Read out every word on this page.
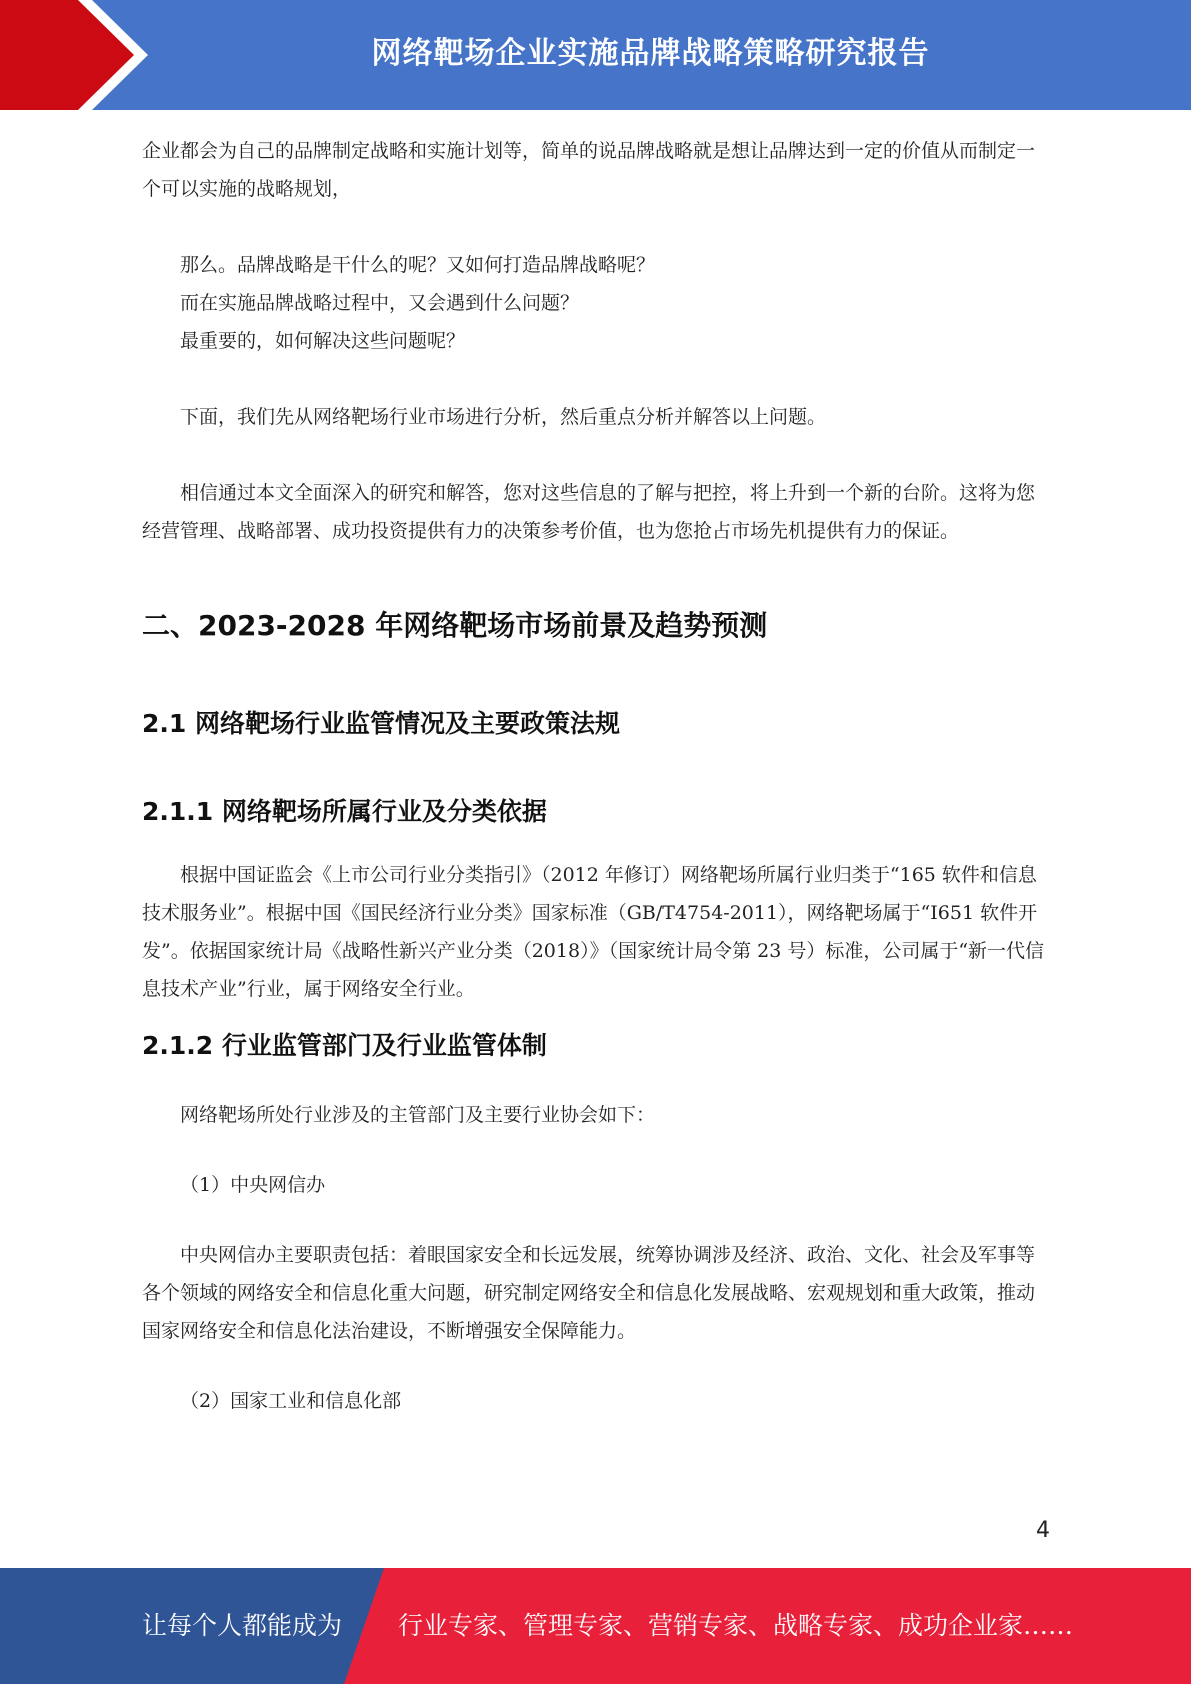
网络靶场企业实施品牌战略策略研究报告

企业都会为自己的品牌制定战略和实施计划等，简单的说品牌战略就是想让品牌达到一定的价值从而制定一个可以实施的战略规划，

那么。品牌战略是干什么的呢？又如何打造品牌战略呢？

而在实施品牌战略过程中，又会遇到什么问题？

最重要的，如何解决这些问题呢？

下面，我们先从网络靶场行业市场进行分析，然后重点分析并解答以上问题。

相信通过本文全面深入的研究和解答，您对这些信息的了解与把控，将上升到一个新的台阶。这将为您经营管理、战略部署、成功投资提供有力的决策参考价值，也为您抢占市场先机提供有力的保证。

二、2023-2028 年网络靶场市场前景及趋势预测
2.1 网络靶场行业监管情况及主要政策法规
2.1.1 网络靶场所属行业及分类依据

根据中国证监会《上市公司行业分类指引》（2012 年修订）网络靶场所属行业归类于“165 软件和信息技术服务业”。根据中国《国民经济行业分类》国家标准（GB/T4754-2011），网络靶场属于“I651 软件开发”。依据国家统计局《战略性新兴产业分类（2018）》（国家统计局令第 23 号）标准，公司属于“新一代信息技术产业”行业，属于网络安全行业。

2.1.2 行业监管部门及行业监管体制

网络靶场所处行业涉及的主管部门及主要行业协会如下：

（1）中央网信办

中央网信办主要职责包括：着眼国家安全和长远发展，统筹协调涉及经济、政治、文化、社会及军事等各个领域的网络安全和信息化重大问题，研究制定网络安全和信息化发展战略、宏观规划和重大政策，推动国家网络安全和信息化法治建设，不断增强安全保障能力。

（2）国家工业和信息化部

4
让每个人都能成为 行业专家、管理专家、营销专家、战略专家、成功企业家……
